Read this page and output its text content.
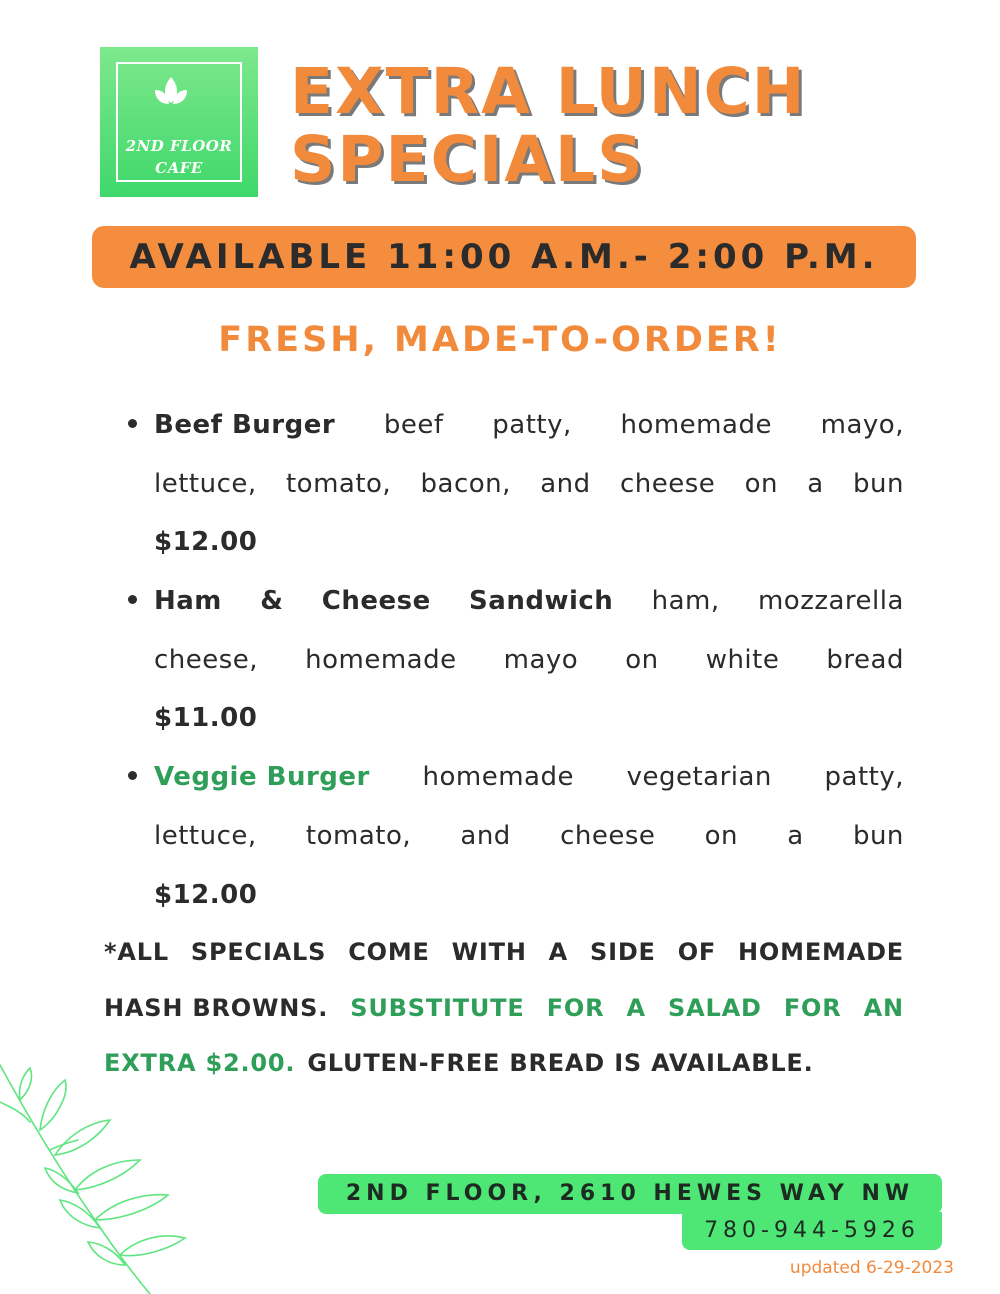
2ND FLOOR
CAFE
EXTRA LUNCH
SPECIALS
AVAILABLE 11:00 A.M.- 2:00 P.M.
FRESH, MADE-TO-ORDER!
Beef Burger beef patty, homemade mayo,
lettuce, tomato, bacon, and cheese on a bun
$12.00
Ham & Cheese Sandwich ham, mozzarella
cheese, homemade mayo on white bread
$11.00
Veggie Burger homemade vegetarian patty,
lettuce, tomato, and cheese on a bun
$12.00
*ALL SPECIALS COME WITH A SIDE OF HOMEMADE
HASH BROWNS. SUBSTITUTE FOR A SALAD FOR AN
EXTRA $2.00. GLUTEN-FREE BREAD IS AVAILABLE.
2ND FLOOR, 2610 HEWES WAY NW
780-944-5926
updated 6-29-2023
